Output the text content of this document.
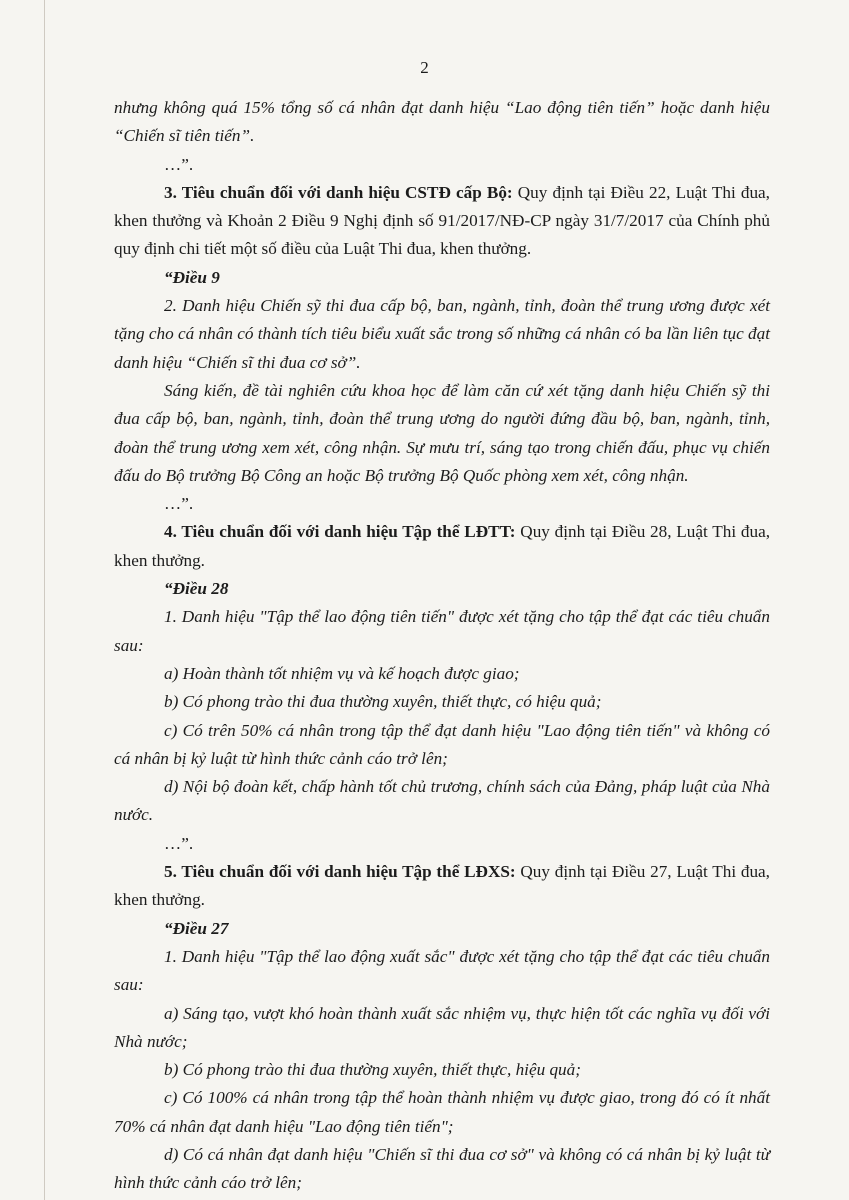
2

nhưng không quá 15% tổng số cá nhân đạt danh hiệu “Lao động tiên tiến” hoặc danh hiệu “Chiến sĩ tiên tiến”.

…”.

3. Tiêu chuẩn đối với danh hiệu CSTĐ cấp Bộ: Quy định tại Điều 22, Luật Thi đua, khen thưởng và Khoản 2 Điều 9 Nghị định số 91/2017/NĐ-CP ngày 31/7/2017 của Chính phủ quy định chi tiết một số điều của Luật Thi đua, khen thưởng.

“Điều 9

2. Danh hiệu Chiến sỹ thi đua cấp bộ, ban, ngành, tỉnh, đoàn thể trung ương được xét tặng cho cá nhân có thành tích tiêu biểu xuất sắc trong số những cá nhân có ba lần liên tục đạt danh hiệu “Chiến sĩ thi đua cơ sở”.

Sáng kiến, đề tài nghiên cứu khoa học để làm căn cứ xét tặng danh hiệu Chiến sỹ thi đua cấp bộ, ban, ngành, tỉnh, đoàn thể trung ương do người đứng đầu bộ, ban, ngành, tỉnh, đoàn thể trung ương xem xét, công nhận. Sự mưu trí, sáng tạo trong chiến đấu, phục vụ chiến đấu do Bộ trưởng Bộ Công an hoặc Bộ trưởng Bộ Quốc phòng xem xét, công nhận.

…”.

4. Tiêu chuẩn đối với danh hiệu Tập thể LĐTT: Quy định tại Điều 28, Luật Thi đua, khen thưởng.

“Điều 28

1. Danh hiệu "Tập thể lao động tiên tiến" được xét tặng cho tập thể đạt các tiêu chuẩn sau:

a) Hoàn thành tốt nhiệm vụ và kế hoạch được giao;

b) Có phong trào thi đua thường xuyên, thiết thực, có hiệu quả;

c) Có trên 50% cá nhân trong tập thể đạt danh hiệu "Lao động tiên tiến" và không có cá nhân bị kỷ luật từ hình thức cảnh cáo trở lên;

d) Nội bộ đoàn kết, chấp hành tốt chủ trương, chính sách của Đảng, pháp luật của Nhà nước.

…”.

5. Tiêu chuẩn đối với danh hiệu Tập thể LĐXS: Quy định tại Điều 27, Luật Thi đua, khen thưởng.

“Điều 27

1. Danh hiệu "Tập thể lao động xuất sắc" được xét tặng cho tập thể đạt các tiêu chuẩn sau:

a) Sáng tạo, vượt khó hoàn thành xuất sắc nhiệm vụ, thực hiện tốt các nghĩa vụ đối với Nhà nước;

b) Có phong trào thi đua thường xuyên, thiết thực, hiệu quả;

c) Có 100% cá nhân trong tập thể hoàn thành nhiệm vụ được giao, trong đó có ít nhất 70% cá nhân đạt danh hiệu "Lao động tiên tiến";

d) Có cá nhân đạt danh hiệu "Chiến sĩ thi đua cơ sở" và không có cá nhân bị kỷ luật từ hình thức cảnh cáo trở lên;
